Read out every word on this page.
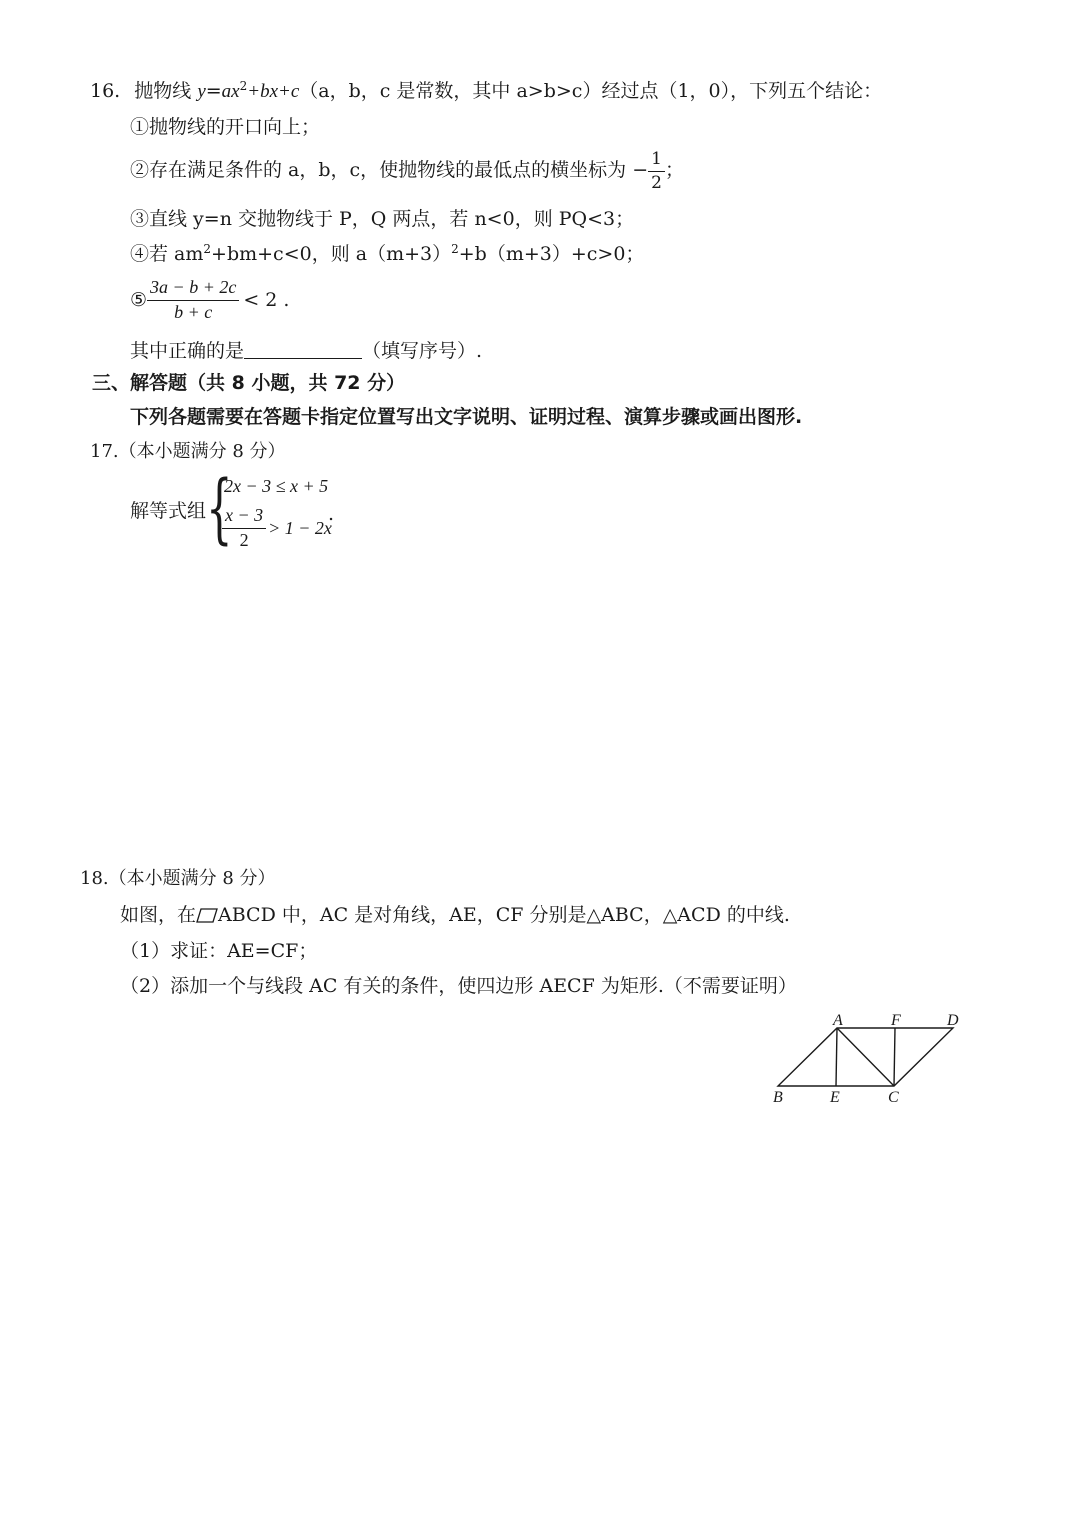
16. 抛物线 $y=ax^2+bx+c(a$，b，c 是常数，其中 a>b>c）经过点（1，0），下列五个结论：
①抛物线的开口向上；
②存在满足条件的 a，b，c，使抛物线的最低点的横坐标为 − $\frac{1}{2}$ ；
③直线 y=n 交抛物线于 P，Q 两点，若 n<0，则 PQ<3；
④若 $am^2+bm+c<0$，则 $a(m+3)^2+b(m+3)+c>0$；
⑤ $\frac{3a - b + 2c}{b + c} < 2$ .
其中正确的是	（填写序号）.
三、解答题（共 8 小题，共 72 分）
下列各题需要在答题卡指定位置写出文字说明、证明过程、演算步骤或画出图形.
17.（本小题满分 8 分）
解等式组 {
2x − 3 ≤ x + 5
$\frac{x - 3}{2} > 1 - 2x$
.
18.（本小题满分 8 分）
如图，在 ABCD 中，AC 是对角线，AE，CF 分别是△ABC，△ACD 的中线.
（1）求证：AE=CF；
（2）添加一个与线段 AC 有关的条件，使四边形 AECF 为矩形.（不需要证明）
A	F	D
B	E	C
